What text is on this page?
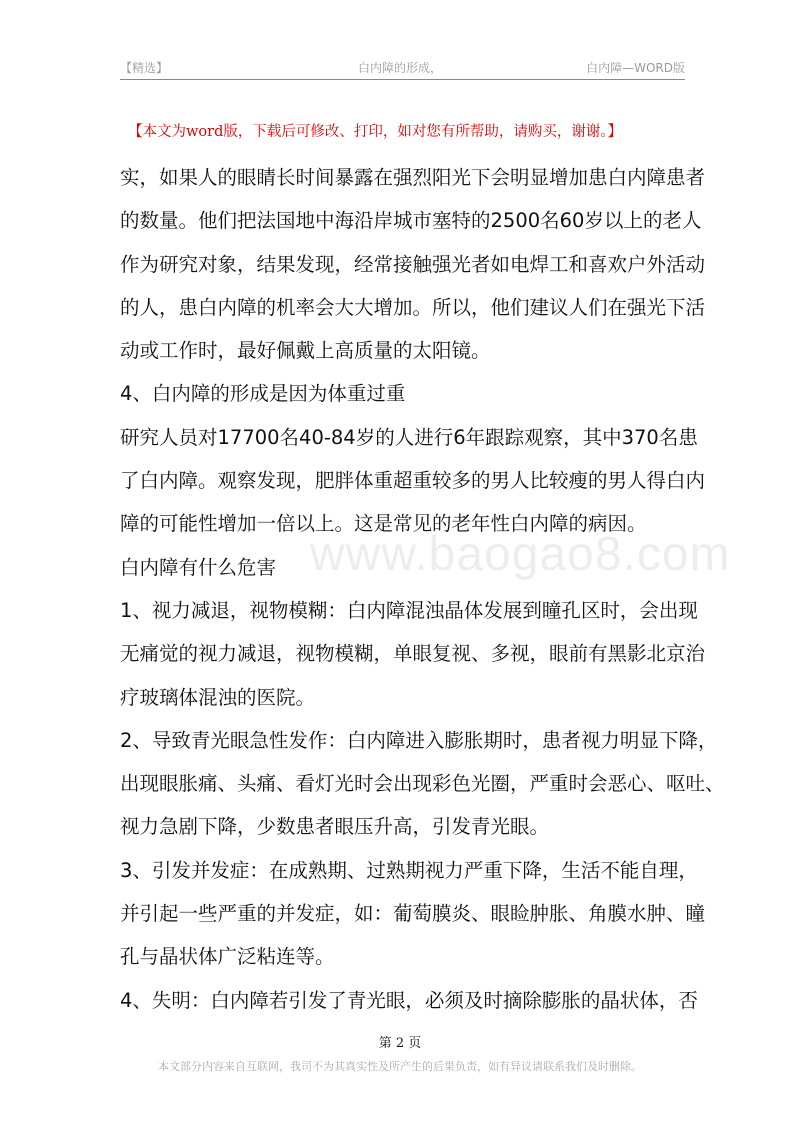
【精选】	白内障的形成，	白内障—WORD版
【本文为word版，下载后可修改、打印，如对您有所帮助，请购买，谢谢。】
www.baogao8.com
实，如果人的眼睛长时间暴露在强烈阳光下会明显增加患白内障患者
的数量。他们把法国地中海沿岸城市塞特的2500名60岁以上的老人
作为研究对象，结果发现，经常接触强光者如电焊工和喜欢户外活动
的人，患白内障的机率会大大增加。所以，他们建议人们在强光下活
动或工作时，最好佩戴上高质量的太阳镜。
4、白内障的形成是因为体重过重
研究人员对17700名40-84岁的人进行6年跟踪观察，其中370名患
了白内障。观察发现，肥胖体重超重较多的男人比较瘦的男人得白内
障的可能性增加一倍以上。这是常见的老年性白内障的病因。
白内障有什么危害
1、视力减退，视物模糊：白内障混浊晶体发展到瞳孔区时，会出现
无痛觉的视力减退，视物模糊，单眼复视、多视，眼前有黑影北京治
疗玻璃体混浊的医院。
2、导致青光眼急性发作：白内障进入膨胀期时，患者视力明显下降，
出现眼胀痛、头痛、看灯光时会出现彩色光圈，严重时会恶心、呕吐、
视力急剧下降，少数患者眼压升高，引发青光眼。
3、引发并发症：在成熟期、过熟期视力严重下降，生活不能自理，
并引起一些严重的并发症，如：葡萄膜炎、眼睑肿胀、角膜水肿、瞳
孔与晶状体广泛粘连等。
4、失明：白内障若引发了青光眼，必须及时摘除膨胀的晶状体，否
第 2 页
本文部分内容来自互联网，我司不为其真实性及所产生的后果负责，如有异议请联系我们及时删除。
